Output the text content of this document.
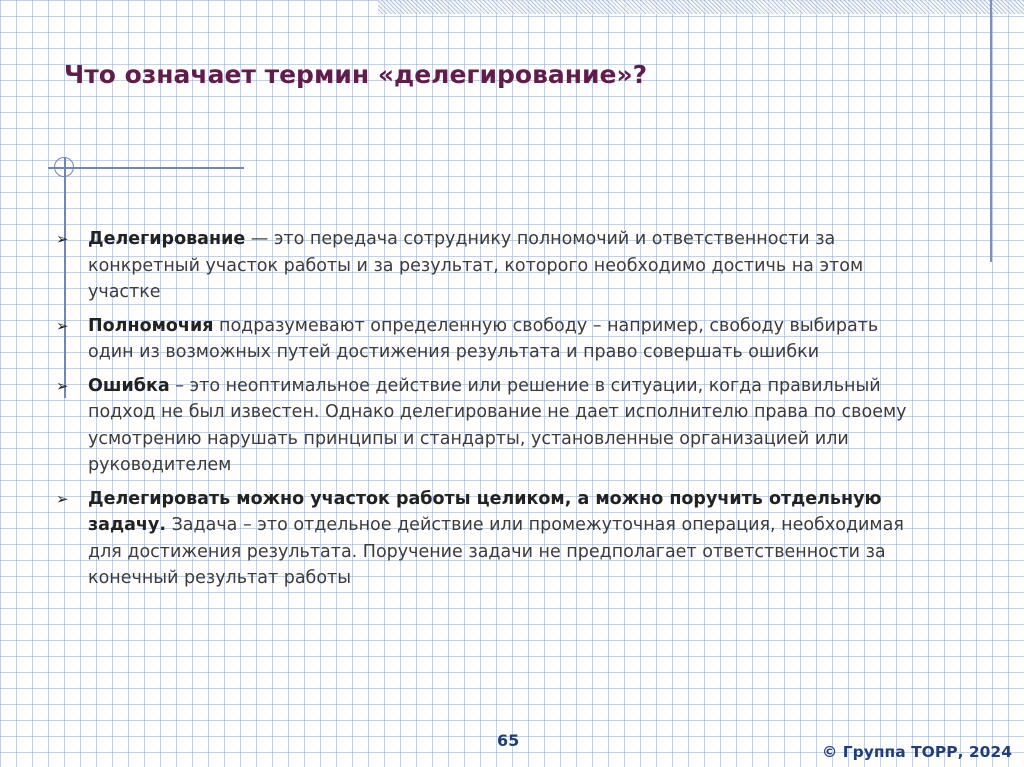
Что означает термин «делегирование»?
➢ Делегирование — это передача сотруднику полномочий и ответственности за конкретный участок работы и за результат, которого необходимо достичь на этом участке
➢ Полномочия подразумевают определенную свободу – например, свободу выбирать один из возможных путей достижения результата и право совершать ошибки
➢ Ошибка – это неоптимальное действие или решение в ситуации, когда правильный подход не был известен. Однако делегирование не дает исполнителю права по своему усмотрению нарушать принципы и стандарты, установленные организацией или руководителем
➢ Делегировать можно участок работы целиком, а можно поручить отдельную задачу. Задача – это отдельное действие или промежуточная операция, необходимая для достижения результата. Поручение задачи не предполагает ответственности за конечный результат работы
65
© Группа ТОРР, 2024
